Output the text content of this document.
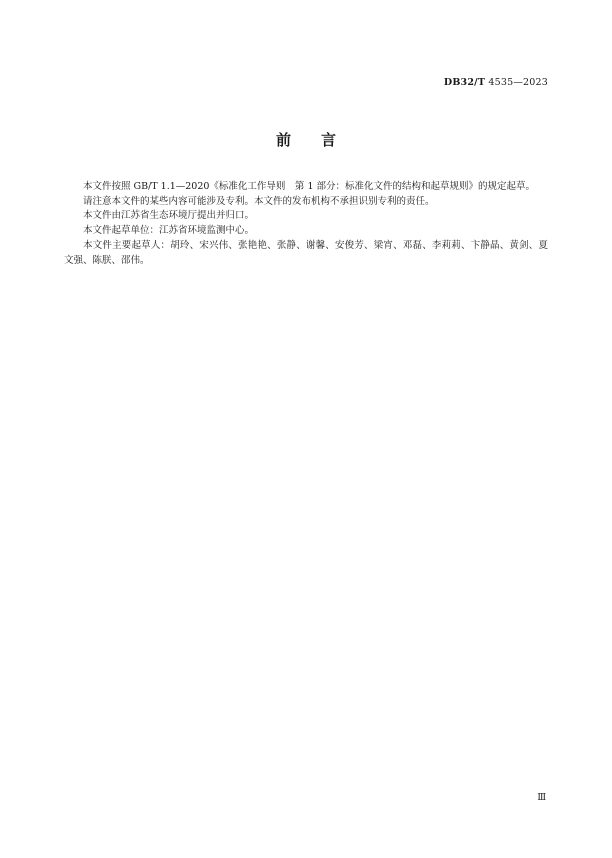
DB32/T 4535—2023
前言

本文件按照 GB/T 1.1—2020《标准化工作导则　第 1 部分：标准化文件的结构和起草规则》的规定起草。

请注意本文件的某些内容可能涉及专利。本文件的发布机构不承担识别专利的责任。

本文件由江苏省生态环境厅提出并归口。

本文件起草单位：江苏省环境监测中心。

本文件主要起草人：胡玲、宋兴伟、张艳艳、张静、谢馨、安俊芳、梁宵、邓磊、李莉莉、卞静晶、黄剑、夏文强、陈朕、邵伟。

Ⅲ
